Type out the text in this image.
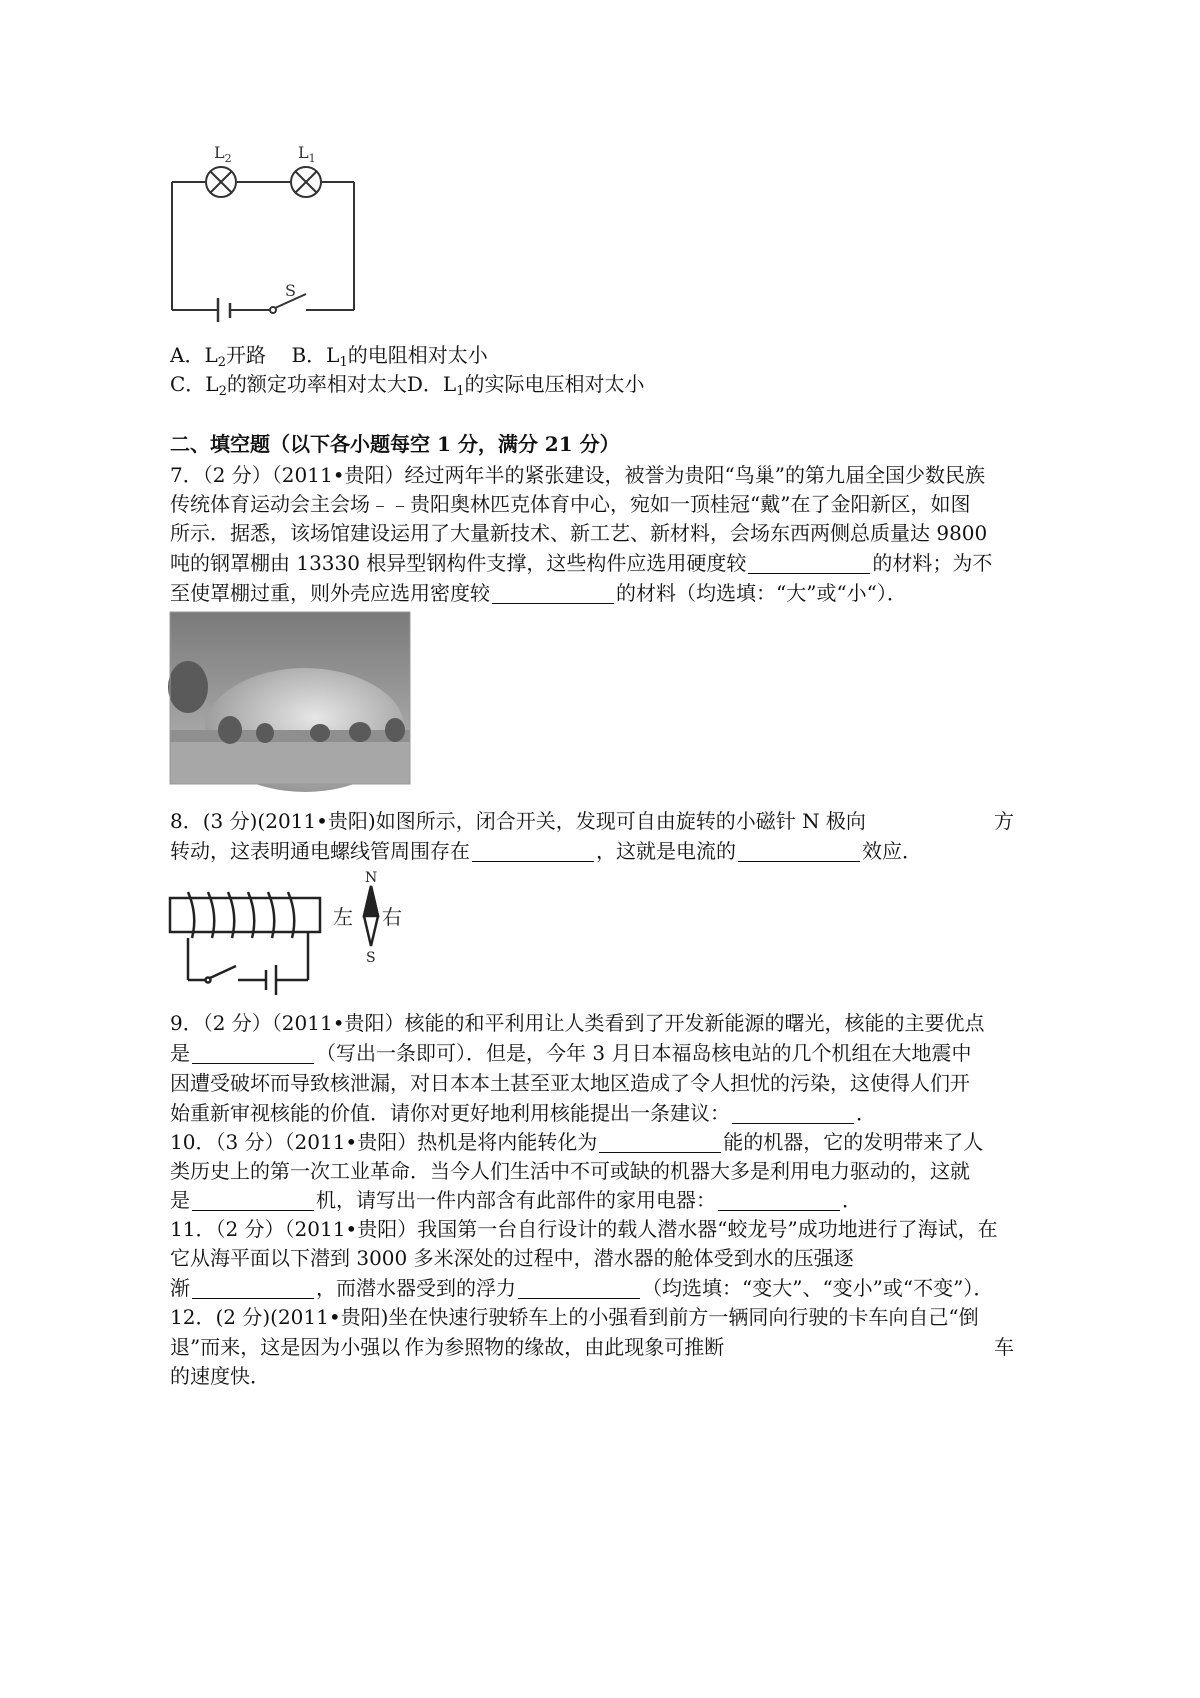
$L_2$	$L_1$
S
A．$L_2$开路 B．$L_1$的电阻相对太小
C．$L_2$的额定功率相对太大D．$L_1$的实际电压相对太小
二、填空题（以下各小题每空 1 分，满分 21 分）
7．（2 分）（2011•贵阳）经过两年半的紧张建设，被誉为贵阳“鸟巢”的第九届全国少数民族
传统体育运动会主会场﹣﹣贵阳奥林匹克体育中心，宛如一顶桂冠“戴”在了金阳新区，如图
所示．据悉，该场馆建设运用了大量新技术、新工艺、新材料，会场东西两侧总质量达 9800
吨的钢罩棚由 13330 根异型钢构件支撑，这些构件应选用硬度较	的材料；为不
至使罩棚过重，则外壳应选用密度较	的材料（均选填：“大”或“小“）．
8．(3 分)(2011•贵阳)如图所示，闭合开关，发现可自由旋转的小磁针 N 极向	方
转动，这表明通电螺线管周围存在	，这就是电流的	效应．
左 右
N
S
9．（2 分）（2011•贵阳）核能的和平利用让人类看到了开发新能源的曙光，核能的主要优点
是	（写出一条即可）．但是，今年 3 月日本福岛核电站的几个机组在大地震中
因遭受破坏而导致核泄漏，对日本本土甚至亚太地区造成了令人担忧的污染，这使得人们开
始重新审视核能的价值．请你对更好地利用核能提出一条建议：	．
10．（3 分）（2011•贵阳）热机是将内能转化为	能的机器，它的发明带来了人
类历史上的第一次工业革命．当今人们生活中不可或缺的机器大多是利用电力驱动的，这就
是	机，请写出一件内部含有此部件的家用电器：	．
11．（2 分）（2011•贵阳）我国第一台自行设计的载人潜水器“蛟龙号”成功地进行了海试，在
它从海平面以下潜到 3000 多米深处的过程中，潜水器的舱体受到水的压强逐
渐	，而潜水器受到的浮力	（均选填：“变大”、“变小”或“不变”）．
12．(2 分)(2011•贵阳)坐在快速行驶轿车上的小强看到前方一辆同向行驶的卡车向自己“倒
退”而来，这是因为小强以 作为参照物的缘故，由此现象可推断	车
的速度快．
